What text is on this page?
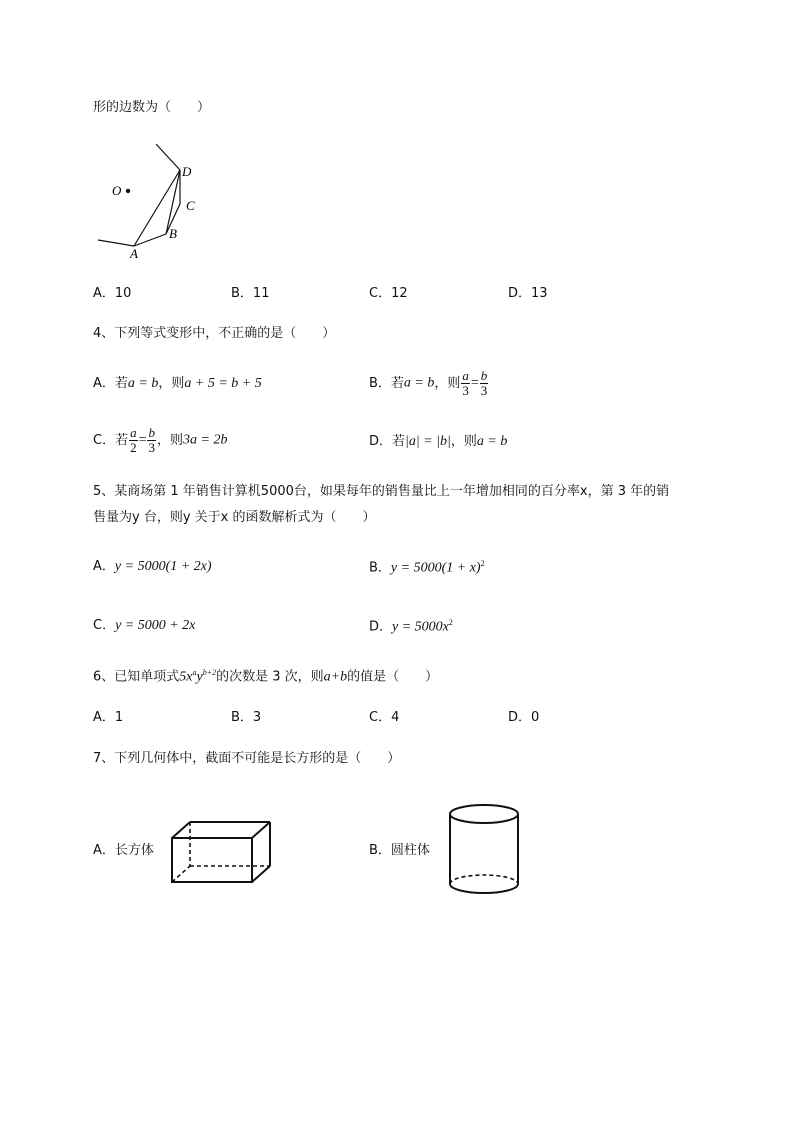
形的边数为（　　）
O
A
B
C
D
A．10	B．11	C．12	D．13
4、下列等式变形中，不正确的是（　　）
A．若a = b，则a + 5 = b + 5	B．若a = b，则 $\frac{a}{3} = \frac{b}{3}$
C．若 $\frac{a}{2} = \frac{b}{3}$ ，则3a = 2b	D．若|a| = |b|，则a = b
5、某商场第 1 年销售计算机5000台，如果每年的销售量比上一年增加相同的百分率x，第 3 年的销
售量为y 台，则y 关于x 的函数解析式为（　　）
A．y = 5000(1 + 2x)	B．$y = 5000(1 + x)^2$
C．y = 5000 + 2x	D．$y = 5000x^2$
6、已知单项式$5x^ay^{b+2}$的次数是 3 次，则a+b的值是（　　）
A．1	B．3	C．4	D．0
7、下列几何体中，截面不可能是长方形的是（　　）
A．长方体	B．圆柱体
